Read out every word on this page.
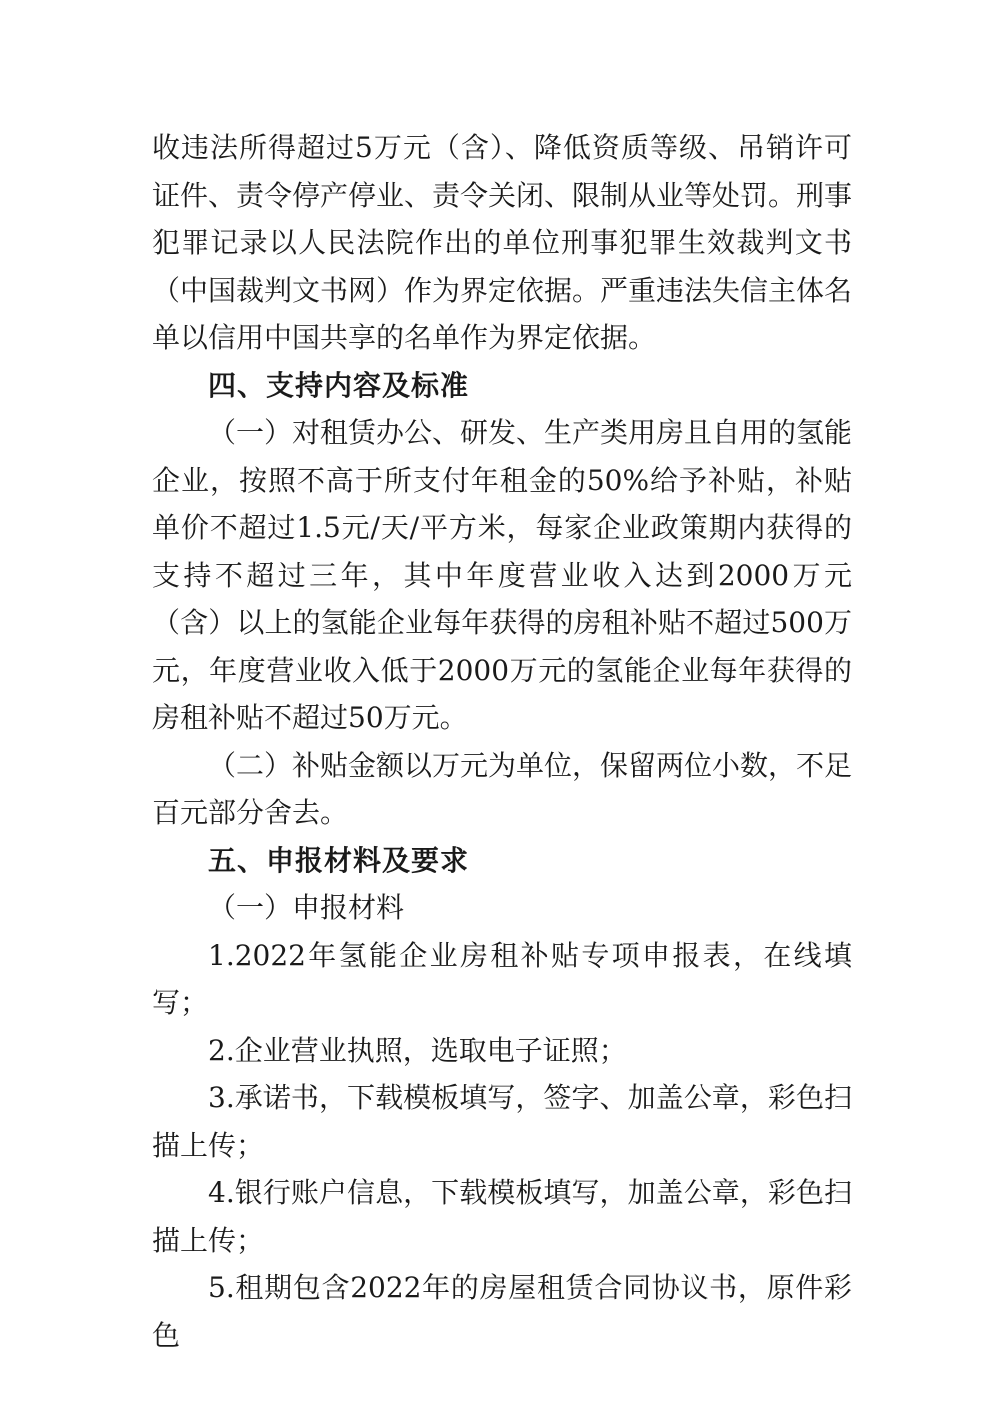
收违法所得超过5万元（含）、降低资质等级、吊销许可证件、责令停产停业、责令关闭、限制从业等处罚。刑事犯罪记录以人民法院作出的单位刑事犯罪生效裁判文书（中国裁判文书网）作为界定依据。严重违法失信主体名单以信用中国共享的名单作为界定依据。

四、支持内容及标准

（一）对租赁办公、研发、生产类用房且自用的氢能企业，按照不高于所支付年租金的50%给予补贴，补贴单价不超过1.5元/天/平方米，每家企业政策期内获得的支持不超过三年，其中年度营业收入达到2000万元（含）以上的氢能企业每年获得的房租补贴不超过500万元，年度营业收入低于2000万元的氢能企业每年获得的房租补贴不超过50万元。

（二）补贴金额以万元为单位，保留两位小数，不足百元部分舍去。

五、申报材料及要求

（一）申报材料

1.2022年氢能企业房租补贴专项申报表，在线填写；

2.企业营业执照，选取电子证照；

3.承诺书，下载模板填写，签字、加盖公章，彩色扫描上传；

4.银行账户信息，下载模板填写，加盖公章，彩色扫描上传；

5.租期包含2022年的房屋租赁合同协议书，原件彩色
